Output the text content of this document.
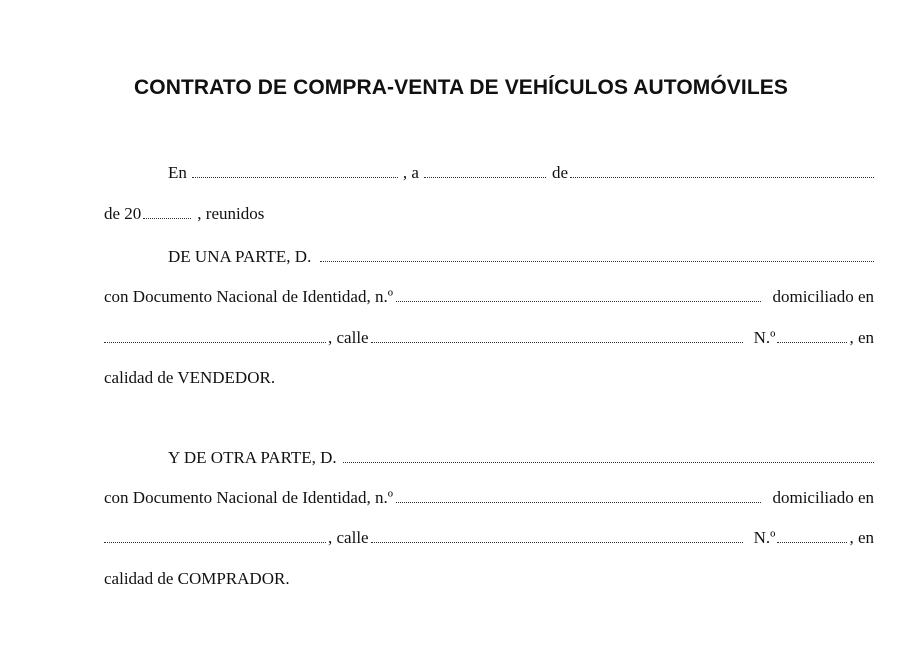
CONTRATO DE COMPRA-VENTA DE VEHÍCULOS AUTOMÓVILES
En	, a	de
de 20	, reunidos
DE UNA PARTE, D.
con Documento Nacional de Identidad, n.º	domiciliado en
, calle	N.º	, en
calidad de VENDEDOR.
Y DE OTRA PARTE, D.
con Documento Nacional de Identidad, n.º	domiciliado en
, calle	N.º	, en
calidad de COMPRADOR.
